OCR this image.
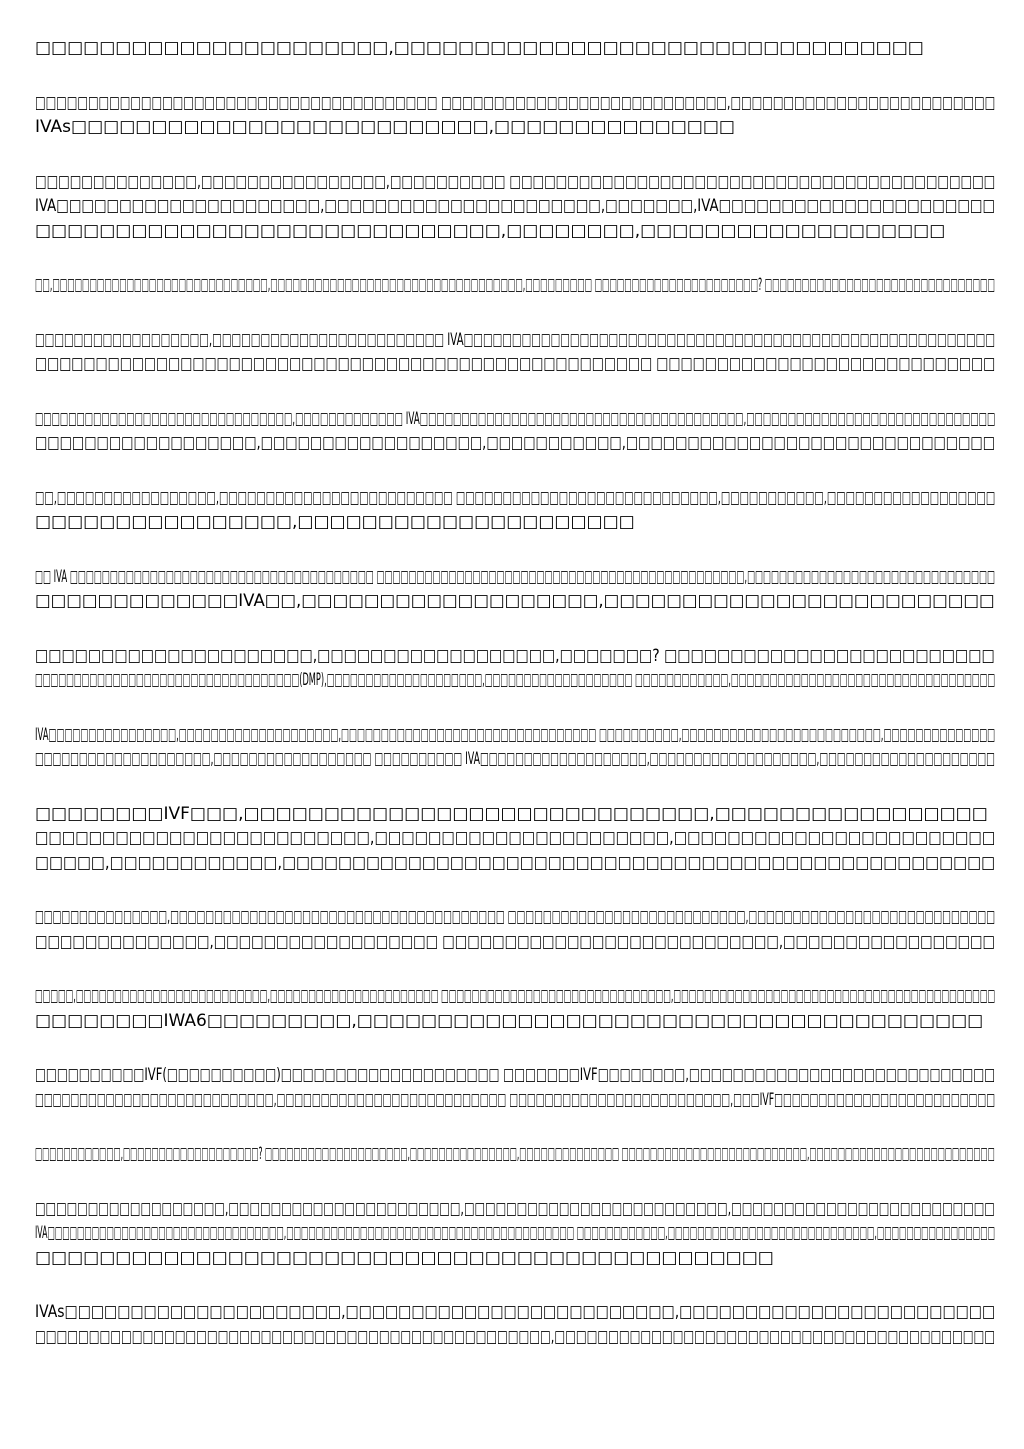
□□□□□□□□□□□□□□□□□□□□□□,□□□□□□□□□□□□□□□□□□□□□□□□□□□□□□□□□

□□□□□□□□□□□□□□□□□□□□□□□□□□□□□□□□□□□□□□ □□□□□□□□□□□□□□□□□□□□□□□□□□□,□□□□□□□□□□□□□□□□□□□□□□□□□
IVAs□□□□□□□□□□□□□□□□□□□□□□□□□□,□□□□□□□□□□□□□□□

□□□□□□□□□□□□□□,□□□□□□□□□□□□□□□□,□□□□□□□□□□ □□□□□□□□□□□□□□□□□□□□□□□□□□□□□□□□□□□□□□□□□□
IVA□□□□□□□□□□□□□□□□□□□□□,□□□□□□□□□□□□□□□□□□□□□□,□□□□□□□,IVA□□□□□□□□□□□□□□□□□□□□□□
□□□□□□□□□□□□□□□□□□□□□□□□□□□□□,□□□□□□□□,□□□□□□□□□□□□□□□□□□□

□□,□□□□□□□□□□□□□□□□□□□□□□□□□□□□□,□□□□□□□□□□□□□□□□□□□□□□□□□□□□□□□□□□,□□□□□□□□□ □□□□□□□□□□□□□□□□□□□□□□? □□□□□□□□□□□□□□□□□□□□□□□□□□□□□□□

□□□□□□□□□□□□□□□□□□,□□□□□□□□□□□□□□□□□□□□□□□□ IVA□□□□□□□□□□□□□□□□□□□□□□□□□□□□□□□□□□□□□□□□□□□□□□□□□□□□□□□
□□□□□□□□□□□□□□□□□□□□□□□□□□□□□□□□□□□□□□□□□□□□□□□□□□□ □□□□□□□□□□□□□□□□□□□□□□□□□□□□

□□□□□□□□□□□□□□□□□□□□□□□□□□□□□□□,□□□□□□□□□□□□□ IVA□□□□□□□□□□□□□□□□□□□□□□□□□□□□□□□□□□□□□□□,□□□□□□□□□□□□□□□□□□□□□□□□□□□□□□
□□□□□□□□□□□□□□□□□□,□□□□□□□□□□□□□□□□□□,□□□□□□□□□□□,□□□□□□□□□□□□□□□□□□□□□□□□□□□□□□

□□,□□□□□□□□□□□□□□□□□,□□□□□□□□□□□□□□□□□□□□□□□□□ □□□□□□□□□□□□□□□□□□□□□□□□□□□□,□□□□□□□□□□□,□□□□□□□□□□□□□□□□□□
□□□□□□□□□□□□□□□□,□□□□□□□□□□□□□□□□□□□□□

□□ IVA □□□□□□□□□□□□□□□□□□□□□□□□□□□□□□□□□□□□□□ □□□□□□□□□□□□□□□□□□□□□□□□□□□□□□□□□□□□□□□□□□□□□□,□□□□□□□□□□□□□□□□□□□□□□□□□□□□□□□
□□□□□□□□□□□□□IVA□□,□□□□□□□□□□□□□□□□□□□,□□□□□□□□□□□□□□□□□□□□□□□□□

□□□□□□□□□□□□□□□□□□□□□,□□□□□□□□□□□□□□□□□□,□□□□□□□? □□□□□□□□□□□□□□□□□□□□□□□□□
□□□□□□□□□□□□□□□□□□□□□□□□□□□□□□□□□□(DMP),□□□□□□□□□□□□□□□□□□□□,□□□□□□□□□□□□□□□□□□□ □□□□□□□□□□□□,□□□□□□□□□□□□□□□□□□□□□□□□□□□□□□□□□□

IVA□□□□□□□□□□□□□□□□,□□□□□□□□□□□□□□□□□□□□,□□□□□□□□□□□□□□□□□□□□□□□□□□□□□□□□ □□□□□□□□□□,□□□□□□□□□□□□□□□□□□□□□□□□□,□□□□□□□□□□□□□□
□□□□□□□□□□□□□□□□□□□□,□□□□□□□□□□□□□□□□□□ □□□□□□□□□□ IVA□□□□□□□□□□□□□□□□□□□,□□□□□□□□□□□□□□□□□□□,□□□□□□□□□□□□□□□□□□□□

□□□□□□□□IVF□□□,□□□□□□□□□□□□□□□□□□□□□□□□□□□□□,□□□□□□□□□□□□□□□□□
□□□□□□□□□□□□□□□□□□□□□□□□□,□□□□□□□□□□□□□□□□□□□□□□,□□□□□□□□□□□□□□□□□□□□□□□□
□□□□□,□□□□□□□□□□□□,□□□□□□□□□□□□□□□□□□□□□□□□□□□□□□□□□□□□□□□□□□□□□□□□□□□

□□□□□□□□□□□□□□□,□□□□□□□□□□□□□□□□□□□□□□□□□□□□□□□□□□□□□□ □□□□□□□□□□□□□□□□□□□□□□□□□□□,□□□□□□□□□□□□□□□□□□□□□□□□□□□□
□□□□□□□□□□□□□□,□□□□□□□□□□□□□□□□□□ □□□□□□□□□□□□□□□□□□□□□□□□□□□,□□□□□□□□□□□□□□□□□

□□□□□,□□□□□□□□□□□□□□□□□□□□□□□□□,□□□□□□□□□□□□□□□□□□□□□□ □□□□□□□□□□□□□□□□□□□□□□□□□□□□□□,□□□□□□□□□□□□□□□□□□□□□□□□□□□□□□□□□□□□□□□□□□
□□□□□□□□IWA6□□□□□□□□□,□□□□□□□□□□□□□□□□□□□□□□□□□□□□□□□□□□□□□□□

□□□□□□□□□□IVF(□□□□□□□□□□)□□□□□□□□□□□□□□□□□□□□ □□□□□□□IVF□□□□□□□□,□□□□□□□□□□□□□□□□□□□□□□□□□□□□
□□□□□□□□□□□□□□□□□□□□□□□□□□□,□□□□□□□□□□□□□□□□□□□□□□□□□□ □□□□□□□□□□□□□□□□□□□□□□□□□,□□□IVF□□□□□□□□□□□□□□□□□□□□□□□□□

□□□□□□□□□□□□,□□□□□□□□□□□□□□□□□□□? □□□□□□□□□□□□□□□□□□□□,□□□□□□□□□□□□□□□,□□□□□□□□□□□□□□ □□□□□□□□□□□□□□□□□□□□□□□□□□,□□□□□□□□□□□□□□□□□□□□□□□□□□

□□□□□□□□□□□□□□□□□□,□□□□□□□□□□□□□□□□□□□□□□,□□□□□□□□□□□□□□□□□□□□□□□□□,□□□□□□□□□□□□□□□□□□□□□□□□□
IVA□□□□□□□□□□□□□□□□□□□□□□□□□□□□□□□□,□□□□□□□□□□□□□□□□□□□□□□□□□□□□□□□□□□□□□□□ □□□□□□□□□□□□,□□□□□□□□□□□□□□□□□□□□□□□□□□□□,□□□□□□□□□□□□□□□□
□□□□□□□□□□□□□□□□□□□□□□□□□□□□□□□□□□□□□□□□□□□□□□

IVAs□□□□□□□□□□□□□□□□□□□□□,□□□□□□□□□□□□□□□□□□□□□□□□□,□□□□□□□□□□□□□□□□□□□□□□□□
□□□□□□□□□□□□□□□□□□□□□□□□□□□□□□□□□□□□□□□□□□□□□□□□,□□□□□□□□□□□□□□□□□□□□□□□□□□□□□□□□□□□□□□□□□
